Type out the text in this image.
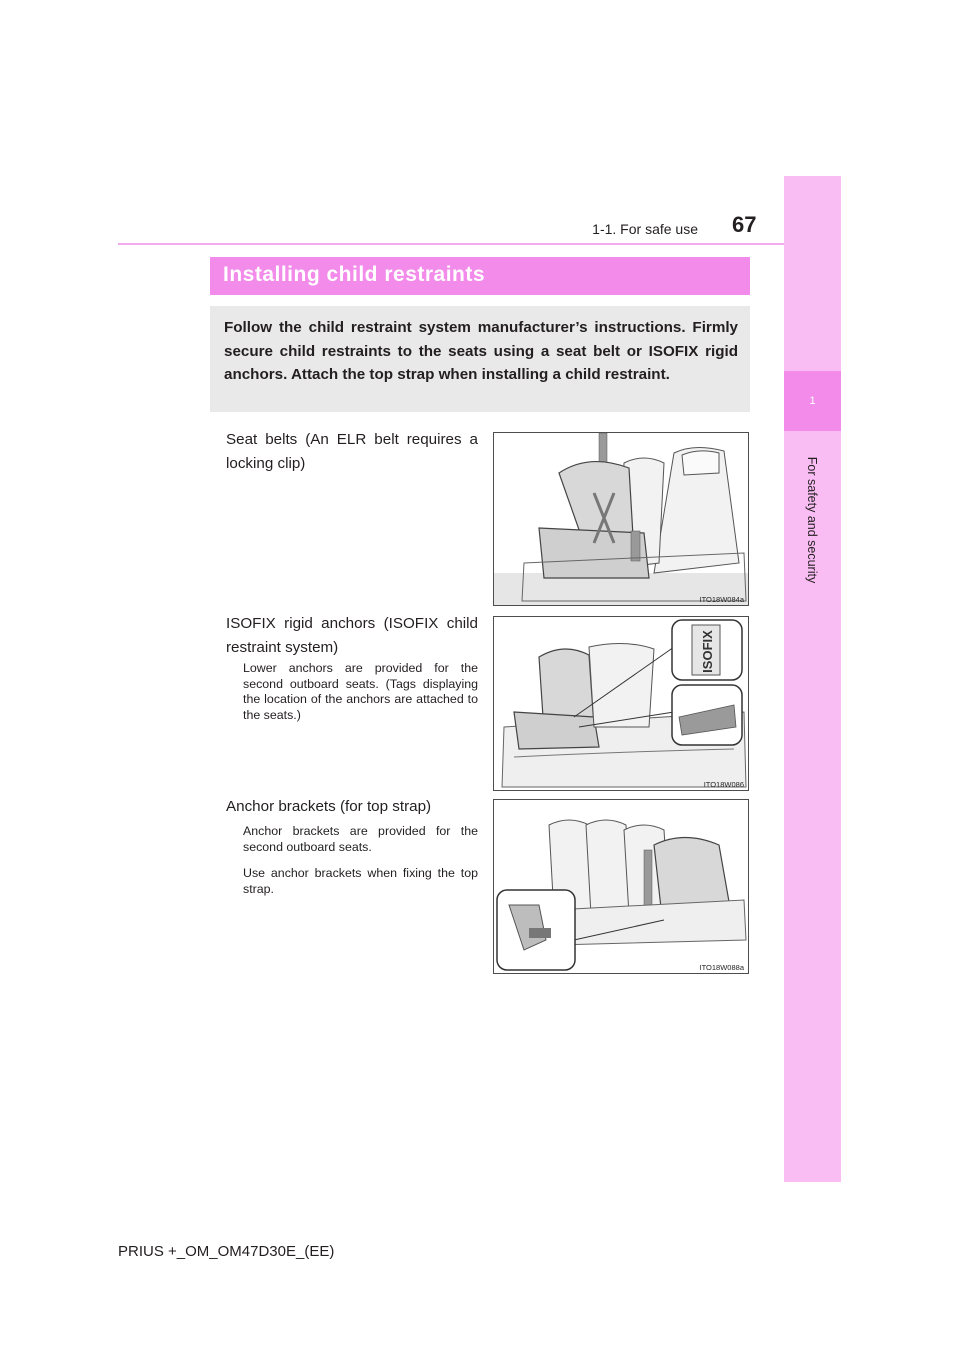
1-1. For safe use 67
1
For safety and security
Installing child restraints
Follow the child restraint system manufacturer’s instructions. Firmly secure child restraints to the seats using a seat belt or ISOFIX rigid anchors. Attach the top strap when installing a child restraint.
Seat belts (An ELR belt requires a locking clip)
ITO18W084a
ISOFIX rigid anchors (ISOFIX child restraint system)
Lower anchors are provided for the second outboard seats. (Tags displaying the location of the anchors are attached to the seats.)
ISOFIX
ITO18W086
Anchor brackets (for top strap)
Anchor brackets are provided for the second outboard seats.
Use anchor brackets when fixing the top strap.
ITO18W088a
PRIUS +_OM_OM47D30E_(EE)
